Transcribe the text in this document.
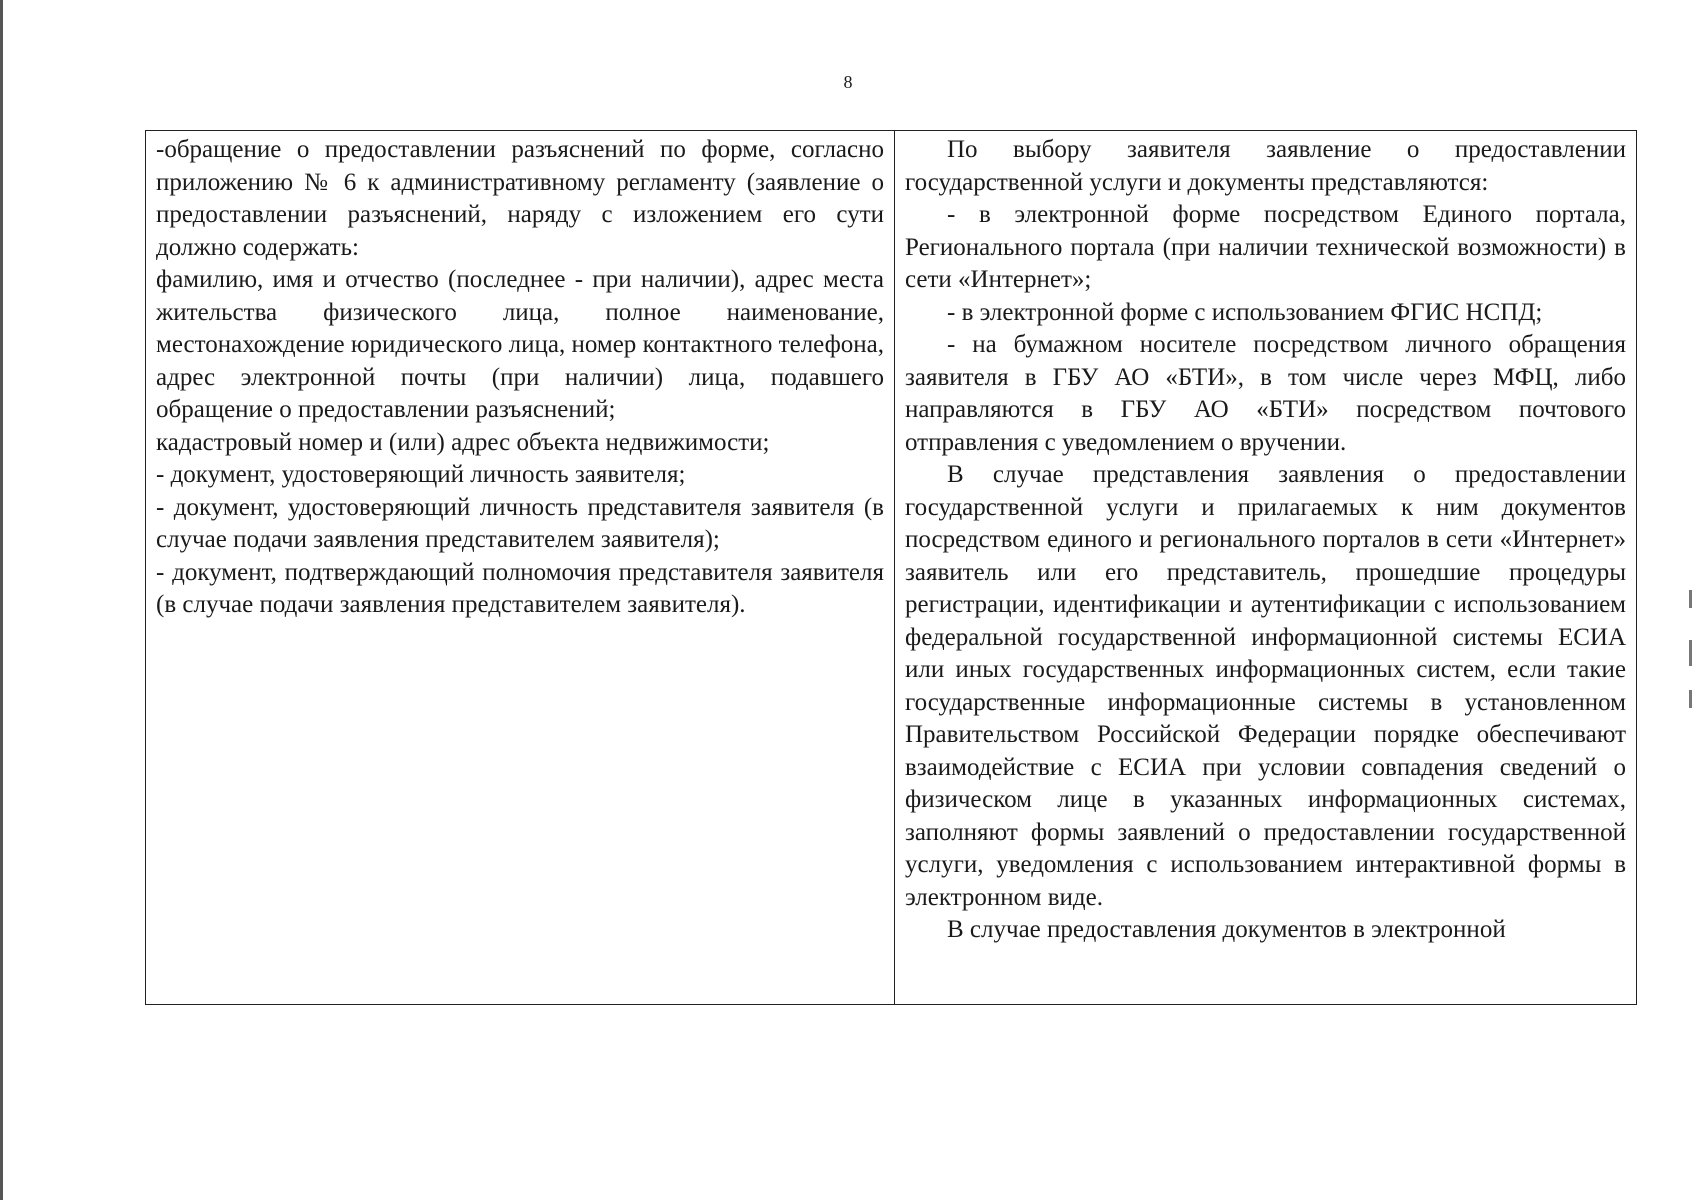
8

-обращение о предоставлении разъяснений по форме, согласно приложению № 6 к административному регламенту (заявление о предоставлении разъяснений, наряду с изложением его сути должно содержать:

фамилию, имя и отчество (последнее - при наличии), адрес места жительства физического лица, полное наименование, местонахождение юридического лица, номер контактного телефона, адрес электронной почты (при наличии) лица, подавшего обращение о предоставлении разъяснений;

кадастровый номер и (или) адрес объекта недвижимости;

- документ, удостоверяющий личность заявителя;

- документ, удостоверяющий личность представителя заявителя (в случае подачи заявления представителем заявителя);

- документ, подтверждающий полномочия представителя заявителя (в случае подачи заявления представителем заявителя).

По выбору заявителя заявление о предоставлении государственной услуги и документы представляются:

- в электронной форме посредством Единого портала, Регионального портала (при наличии технической возможности) в сети «Интернет»;

- в электронной форме с использованием ФГИС НСПД;

- на бумажном носителе посредством личного обращения заявителя в ГБУ АО «БТИ», в том числе через МФЦ, либо направляются в ГБУ АО «БТИ» посредством почтового отправления с уведомлением о вручении.

В случае представления заявления о предоставлении государственной услуги и прилагаемых к ним документов посредством единого и регионального порталов в сети «Интернет» заявитель или его представитель, прошедшие процедуры регистрации, идентификации и аутентификации с использованием федеральной государственной информационной системы ЕСИА или иных государственных информационных систем, если такие государственные информационные системы в установленном Правительством Российской Федерации порядке обеспечивают взаимодействие с ЕСИА при условии совпадения сведений о физическом лице в указанных информационных системах, заполняют формы заявлений о предоставлении государственной услуги, уведомления с использованием интерактивной формы в электронном виде.

В случае предоставления документов в электронной
